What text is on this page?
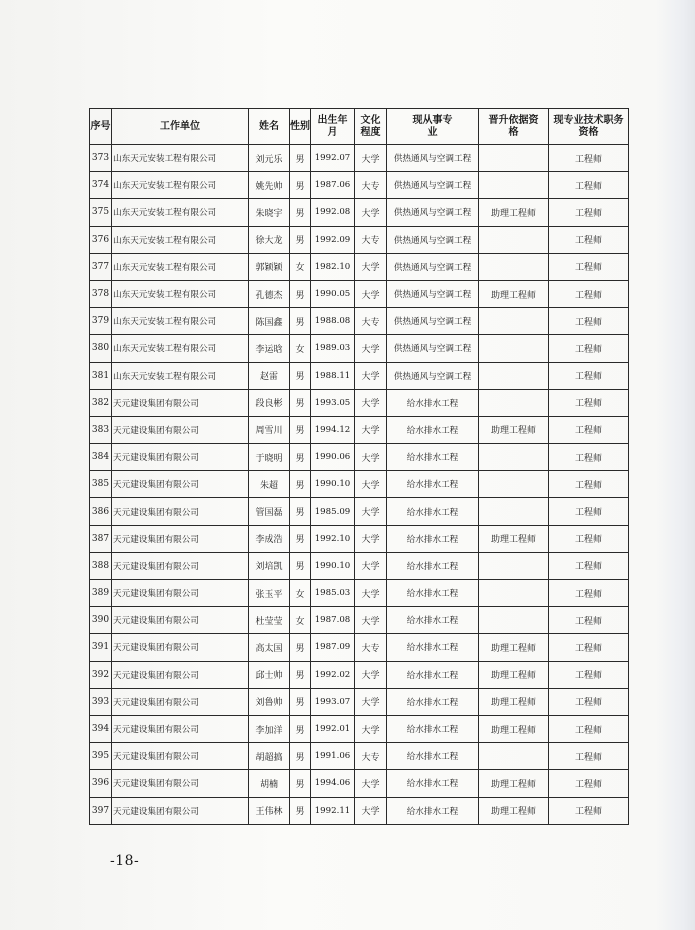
序号	工作单位	姓名	性别	出生年月	文化程度	现从事专业	晋升依据资格	现专业技术职务资格
373	山东天元安装工程有限公司	刘元乐	男	1992.07	大学	供热通风与空调工程		工程师
374	山东天元安装工程有限公司	姚先帅	男	1987.06	大专	供热通风与空调工程		工程师
375	山东天元安装工程有限公司	朱晓宇	男	1992.08	大学	供热通风与空调工程	助理工程师	工程师
376	山东天元安装工程有限公司	徐大龙	男	1992.09	大专	供热通风与空调工程		工程师
377	山东天元安装工程有限公司	郭颖颖	女	1982.10	大学	供热通风与空调工程		工程师
378	山东天元安装工程有限公司	孔德杰	男	1990.05	大学	供热通风与空调工程	助理工程师	工程师
379	山东天元安装工程有限公司	陈国鑫	男	1988.08	大专	供热通风与空调工程		工程师
380	山东天元安装工程有限公司	李运晗	女	1989.03	大学	供热通风与空调工程		工程师
381	山东天元安装工程有限公司	赵雷	男	1988.11	大学	供热通风与空调工程		工程师
382	天元建设集团有限公司	段良彬	男	1993.05	大学	给水排水工程		工程师
383	天元建设集团有限公司	周雪川	男	1994.12	大学	给水排水工程	助理工程师	工程师
384	天元建设集团有限公司	于晓明	男	1990.06	大学	给水排水工程		工程师
385	天元建设集团有限公司	朱超	男	1990.10	大学	给水排水工程		工程师
386	天元建设集团有限公司	管国磊	男	1985.09	大学	给水排水工程		工程师
387	天元建设集团有限公司	李成浩	男	1992.10	大学	给水排水工程	助理工程师	工程师
388	天元建设集团有限公司	刘培凯	男	1990.10	大学	给水排水工程		工程师
389	天元建设集团有限公司	张玉平	女	1985.03	大学	给水排水工程		工程师
390	天元建设集团有限公司	杜莹莹	女	1987.08	大学	给水排水工程		工程师
391	天元建设集团有限公司	高太国	男	1987.09	大专	给水排水工程	助理工程师	工程师
392	天元建设集团有限公司	邱士帅	男	1992.02	大学	给水排水工程	助理工程师	工程师
393	天元建设集团有限公司	刘鲁帅	男	1993.07	大学	给水排水工程	助理工程师	工程师
394	天元建设集团有限公司	李加洋	男	1992.01	大学	给水排水工程	助理工程师	工程师
395	天元建设集团有限公司	胡超搞	男	1991.06	大专	给水排水工程		工程师
396	天元建设集团有限公司	胡楠	男	1994.06	大学	给水排水工程	助理工程师	工程师
397	天元建设集团有限公司	王伟林	男	1992.11	大学	给水排水工程	助理工程师	工程师
-18-
